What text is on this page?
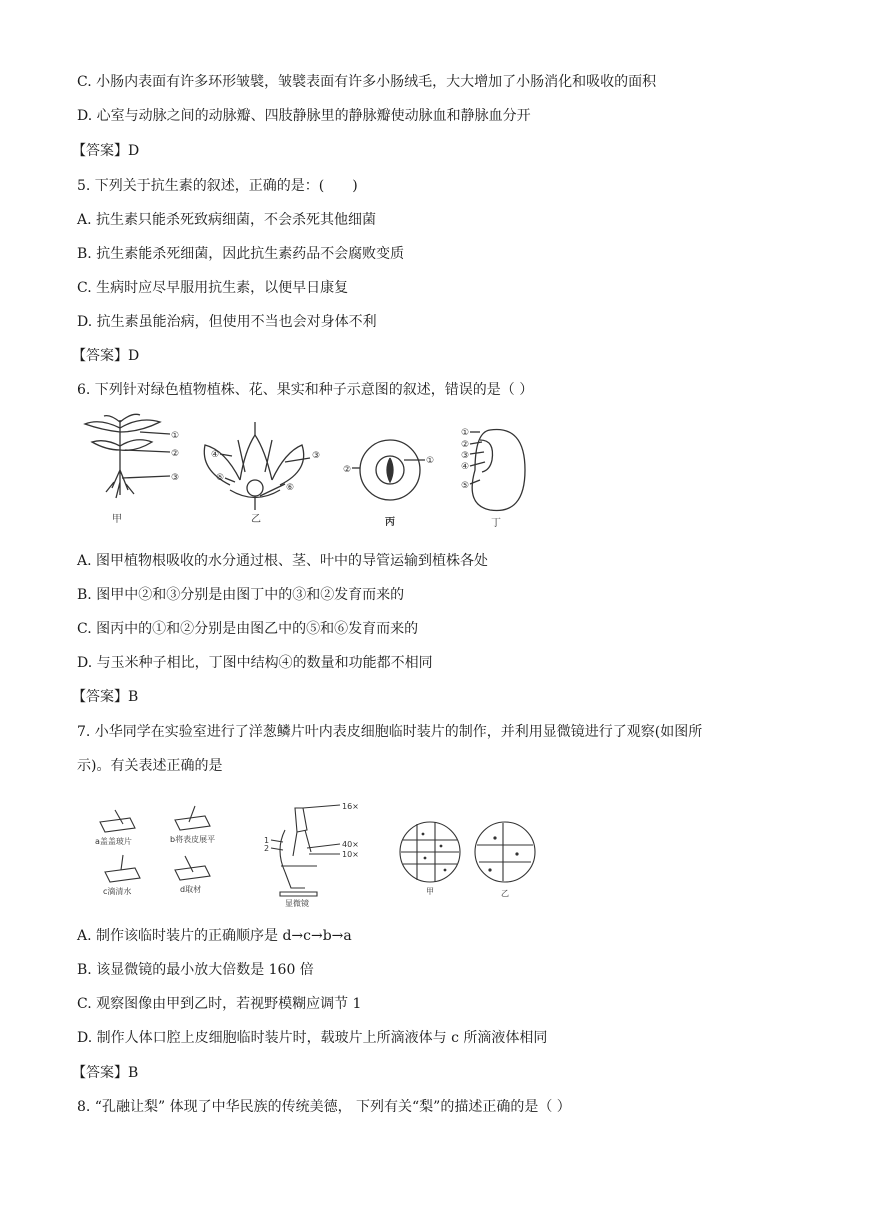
C. 小肠内表面有许多环形皱襞，皱襞表面有许多小肠绒毛，大大增加了小肠消化和吸收的面积
D. 心室与动脉之间的动脉瓣、四肢静脉里的静脉瓣使动脉血和静脉血分开
【答案】D
5. 下列关于抗生素的叙述，正确的是：(　　)
A. 抗生素只能杀死致病细菌，不会杀死其他细菌
B. 抗生素能杀死细菌，因此抗生素药品不会腐败变质
C. 生病时应尽早服用抗生素，以便早日康复
D. 抗生素虽能治病，但使用不当也会对身体不利
【答案】D
6. 下列针对绿色植物植株、花、果实和种子示意图的叙述，错误的是（ ）
①
②
③
甲
④
⑤
③
⑥
乙
①
②
丙
①
②
③
④
⑤
丁
A. 图甲植物根吸收的水分通过根、茎、叶中的导管运输到植株各处
B. 图甲中②和③分别是由图丁中的③和②发育而来的
C. 图丙中的①和②分别是由图乙中的⑤和⑥发育而来的
D. 与玉米种子相比，丁图中结构④的数量和功能都不相同
【答案】B
7. 小华同学在实验室进行了洋葱鳞片叶内表皮细胞临时装片的制作，并利用显微镜进行了观察(如图所
示)。有关表述正确的是
a盖盖玻片	b将表皮展平
c滴清水	d取材
16×
40×
10×
1
2
显微镜
甲	乙
A. 制作该临时装片的正确顺序是 d→c→b→a
B. 该显微镜的最小放大倍数是 160 倍
C. 观察图像由甲到乙时，若视野模糊应调节 1
D. 制作人体口腔上皮细胞临时装片时，载玻片上所滴液体与 c 所滴液体相同
【答案】B
8. “孔融让梨” 体现了中华民族的传统美德， 下列有关“梨”的描述正确的是（ ）
